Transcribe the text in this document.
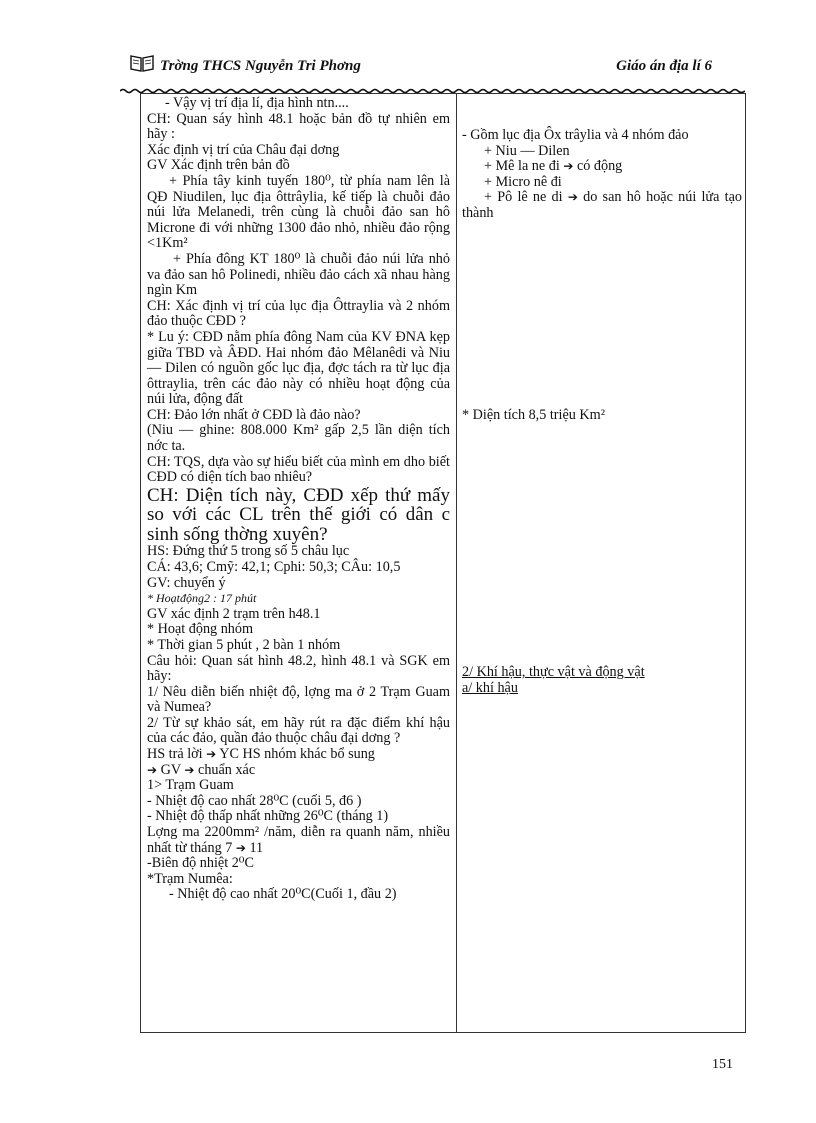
Trờng THCS Nguyễn Tri Phơng	Giáo án địa lí 6

- Vậy vị trí địa lí, địa hình ntn....

CH: Quan sáy hình 48.1 hoặc bản đồ tự nhiên em hãy :

Xác định vị trí của Châu đại dơng

GV Xác định trên bản đồ

+ Phía tây kinh tuyến 180⁰, từ phía nam lên là QĐ Niudilen, lục địa ôttrâylia, kế tiếp là chuỗi đảo núi lửa Melanedi, trên cùng là chuỗi đảo san hô Microne đi với những 1300 đảo nhỏ, nhiều đảo rộng <1Km²

+ Phía đông KT 180⁰ là chuỗi đảo núi lửa nhỏ va đảo san hô Polinedi, nhiều đảo cách xã nhau hàng ngìn Km

CH: Xác định vị trí của lục địa Ôttraylia và 2 nhóm đảo thuộc CĐD ?

* Lu ý: CĐD nằm phía đông Nam của KV ĐNA kẹp giữa TBD và ÂĐD. Hai nhóm đảo Mêlanêdi và Niu — Dilen có nguồn gốc lục địa, đợc tách ra từ lục địa ôttraylia, trên các đảo này có nhiều hoạt động của núi lửa, động đất

CH: Đảo lớn nhất ở CĐD là đảo nào?

(Niu — ghine: 808.000 Km² gấp 2,5 lần diện tích nớc ta.

CH: TQS, dựa vào sự hiểu biết của mình em dho biết CĐD có diện tích bao nhiêu?

CH: Diện tích này, CĐD xếp thứ mấy so với các CL trên thế giới có dân c sinh sống thờng xuyên?

HS: Đứng thứ 5 trong số 5 châu lục

CÁ: 43,6; Cmỹ: 42,1; Cphi: 50,3; CÂu: 10,5

GV: chuyển ý

* Hoạtđộng2 : 17 phút

GV xác định 2 trạm trên h48.1

* Hoạt động nhóm

* Thời gian 5 phút , 2 bàn 1 nhóm

Câu hỏi: Quan sát hình 48.2, hình 48.1 và SGK em hãy:

1/ Nêu diễn biến nhiệt độ, lợng ma ở 2 Trạm Guam và Numea?

2/ Từ sự khảo sát, em hãy rút ra đặc điểm khí hậu của các đảo, quần đảo thuộc châu đại dơng ?

HS trả lời ➔ YC HS nhóm khác bổ sung

➔ GV ➔ chuẩn xác

1> Trạm Guam

- Nhiệt độ cao nhất 28⁰C (cuối 5, đ6 )

- Nhiệt độ thấp nhất những 26⁰C (tháng 1)

Lợng ma 2200mm² /năm, diễn ra quanh năm, nhiều nhất từ tháng 7 ➔ 11

-Biên độ nhiệt 2⁰C

*Trạm Numêa:

- Nhiệt độ cao nhất 20⁰C(Cuối 1, đầu 2)

- Gồm lục địa Ôx trâylia và 4 nhóm đảo

+ Niu — Dilen

+ Mê la ne đi ➔ có động

+ Micro nê đi

+ Pô lê ne di ➔ do san hô hoặc núi lửa tạo thành

* Diện tích 8,5 triệu Km²

2/ Khí hậu, thực vật và động vật

a/ khí hậu

151
